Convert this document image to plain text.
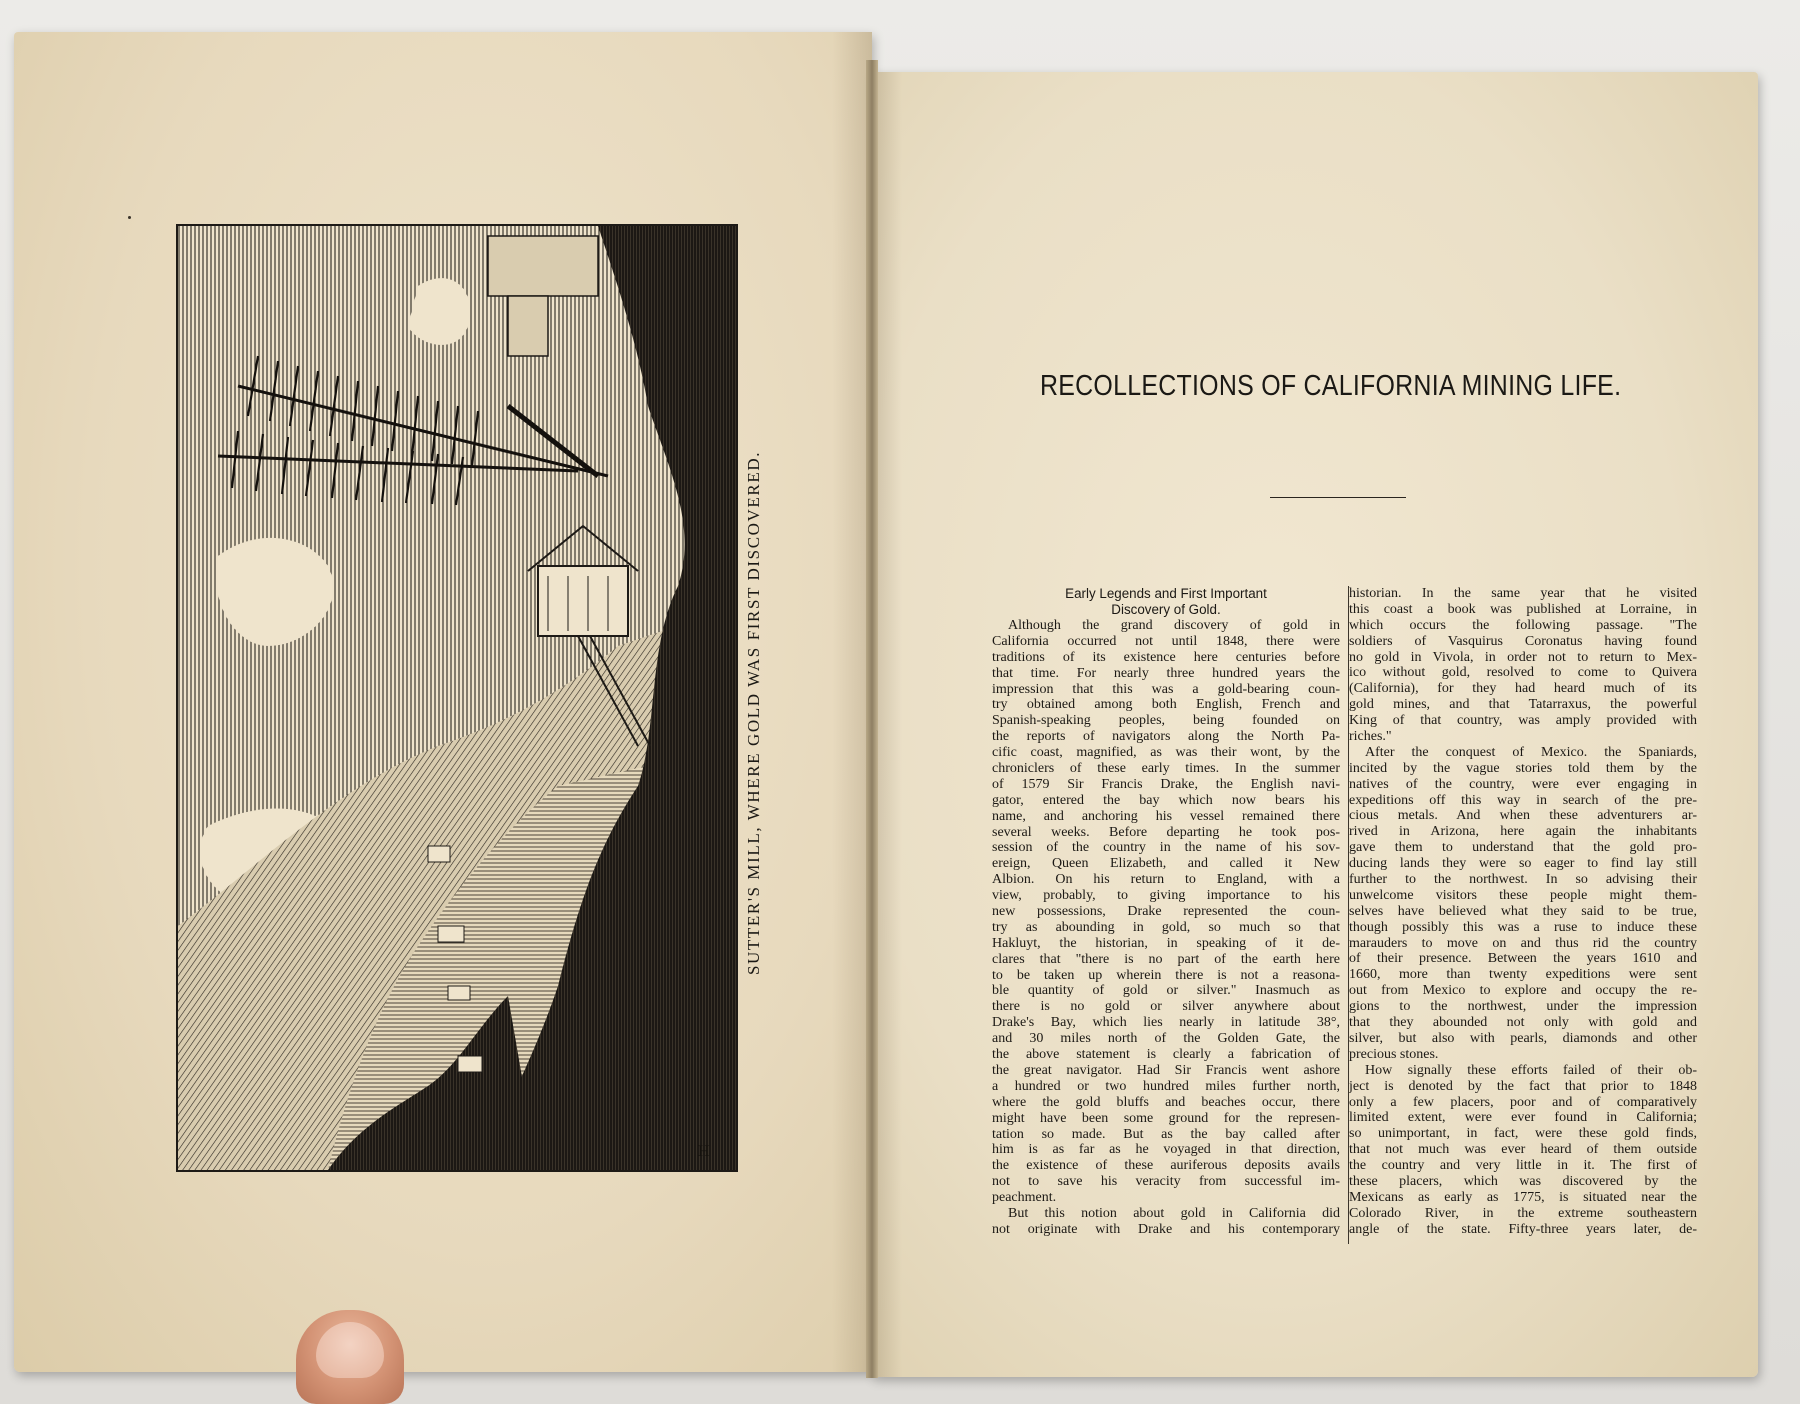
H
SUTTER'S MILL, WHERE GOLD WAS FIRST DISCOVERED.
RECOLLECTIONS OF CALIFORNIA MINING LIFE.
Early Legends and First Important
Discovery of Gold.
Although the grand discovery of gold in
California occurred not until 1848, there were
traditions of its existence here centuries before
that time. For nearly three hundred years the
impression that this was a gold-bearing coun-
try obtained among both English, French and
Spanish-speaking peoples, being founded on
the reports of navigators along the North Pa-
cific coast, magnified, as was their wont, by the
chroniclers of these early times. In the summer
of 1579 Sir Francis Drake, the English navi-
gator, entered the bay which now bears his
name, and anchoring his vessel remained there
several weeks. Before departing he took pos-
session of the country in the name of his sov-
ereign, Queen Elizabeth, and called it New
Albion. On his return to England, with a
view, probably, to giving importance to his
new possessions, Drake represented the coun-
try as abounding in gold, so much so that
Hakluyt, the historian, in speaking of it de-
clares that "there is no part of the earth here
to be taken up wherein there is not a reasona-
ble quantity of gold or silver." Inasmuch as
there is no gold or silver anywhere about
Drake's Bay, which lies nearly in latitude 38°,
and 30 miles north of the Golden Gate, the
the above statement is clearly a fabrication of
the great navigator. Had Sir Francis went ashore
a hundred or two hundred miles further north,
where the gold bluffs and beaches occur, there
might have been some ground for the represen-
tation so made. But as the bay called after
him is as far as he voyaged in that direction,
the existence of these auriferous deposits avails
not to save his veracity from successful im-
peachment.
But this notion about gold in California did
not originate with Drake and his contemporary
historian. In the same year that he visited
this coast a book was published at Lorraine, in
which occurs the following passage. "The
soldiers of Vasquirus Coronatus having found
no gold in Vivola, in order not to return to Mex-
ico without gold, resolved to come to Quivera
(California), for they had heard much of its
gold mines, and that Tatarraxus, the powerful
King of that country, was amply provided with
riches."
After the conquest of Mexico. the Spaniards,
incited by the vague stories told them by the
natives of the country, were ever engaging in
expeditions off this way in search of the pre-
cious metals. And when these adventurers ar-
rived in Arizona, here again the inhabitants
gave them to understand that the gold pro-
ducing lands they were so eager to find lay still
further to the northwest. In so advising their
unwelcome visitors these people might them-
selves have believed what they said to be true,
though possibly this was a ruse to induce these
marauders to move on and thus rid the country
of their presence. Between the years 1610 and
1660, more than twenty expeditions were sent
out from Mexico to explore and occupy the re-
gions to the northwest, under the impression
that they abounded not only with gold and
silver, but also with pearls, diamonds and other
precious stones.
How signally these efforts failed of their ob-
ject is denoted by the fact that prior to 1848
only a few placers, poor and of comparatively
limited extent, were ever found in California;
so unimportant, in fact, were these gold finds,
that not much was ever heard of them outside
the country and very little in it. The first of
these placers, which was discovered by the
Mexicans as early as 1775, is situated near the
Colorado River, in the extreme southeastern
angle of the state. Fifty-three years later, de-
